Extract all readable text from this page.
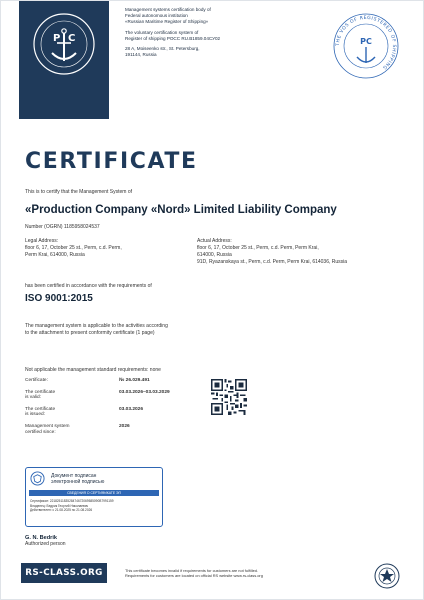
Р С

Management systems certification body of
Federal autonomous institution
«Russian Maritime Register of Shipping»

The voluntary certification system of
Register of shipping РОСС RU.В1859.04СУ02

28 A, Moiseenko str., St. Petersburg,
191144, Russia

THE VOS OF REGISTERED OF SHIPPING
PC
CERTIFICATE
This is to certify that the Management System of
«Production Company «Nord» Limited Liability Company
Number (OGRN) 1185958024537
Legal Address:
floor 6, 17, October 25 st., Perm, c.d. Perm,
Perm Krai, 614000, Russia
Actual Address:
floor 6, 17, October 25 st., Perm, c.d. Perm, Perm Krai,
614000, Russia
91D, Ryazanskaya st., Perm, c.d. Perm, Perm Krai, 614036, Russia
has been certified in accordance with the requirements of
ISO 9001:2015
The management system is applicable to the activities according
to the attachment to present conformity certificate (1 page)
Not applicable the management standard requirements: none
Certificate:	№ 26.029.491
The certificate
is valid:
03.03.2026–03.03.2029
The certificate
is issued:
03.03.2026
Management system
certified since:
2026
Документ подписан
электронной подписью
СВЕДЕНИЯ О СЕРТИФИКАТЕ ЭП
Сертификат: 2218251183528474672069585090B7991159
Владелец: Бедрик Георгий Николаевич
Действителен: с 21.08.2025 по 21.08.2026
G. N. Bedrik
Authorized person
RS-CLASS.ORG	This certificate becomes invalid if requirements for customers are not fulfilled.
Requirements for customers are located on official RS website www.rs-class.org
